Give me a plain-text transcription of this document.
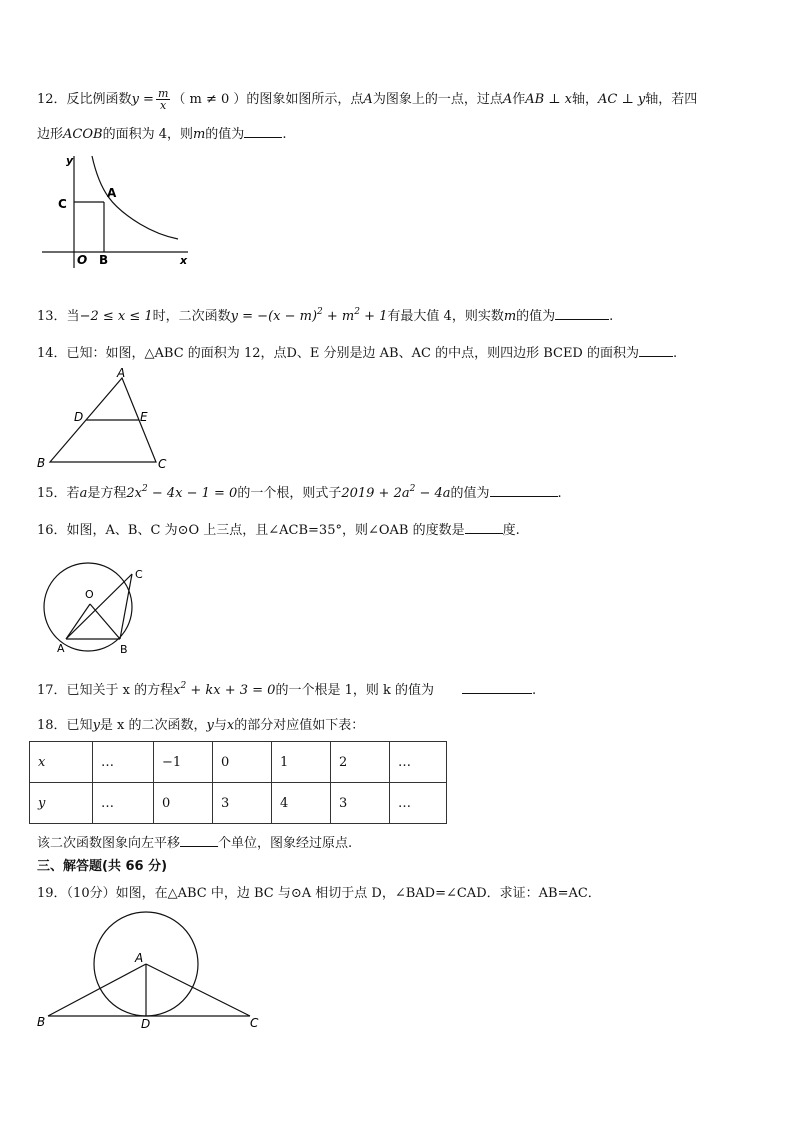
12．反比例函数$y = \frac{m}{x}$ （ m ≠ 0 ）的图象如图所示，点A为图象上的一点，过点A作AB ⊥ x轴，AC ⊥ y轴，若四
边形ACOB的面积为 4，则m的值为	.
y
x
C
A
O B
13．当−2 ≤ x ≤ 1时，二次函数$y = -(x - m)^2 + m^2 + 1$有最大值 4，则实数m的值为	.
14．已知：如图，△ABC 的面积为 12，点D、E 分别是边 AB、AC 的中点，则四边形 BCED 的面积为	.
A
D	E
B	C
15．若a是方程$2x^2 - 4x - 1 = 0$的一个根，则式子$2019 + 2a^2 - 4a$的值为	.
16．如图，A、B、C 为⊙O 上三点，且∠ACB=35°，则∠OAB 的度数是	度.
C
O
A	B
17．已知关于 x 的方程$x^2$ + kx + 3 = 0的一个根是 1，则 k 的值为	.
18．已知y是 x 的二次函数，y与x的部分对应值如下表：
x	…	−1	0	1	2	…
y	…	0	3	4	3	…
该二次函数图象向左平移	个单位，图象经过原点.
三、解答题(共 66 分)
19．（10分）如图，在△ABC 中，边 BC 与⊙A 相切于点 D，∠BAD=∠CAD．求证：AB=AC．
A
B	D	C
